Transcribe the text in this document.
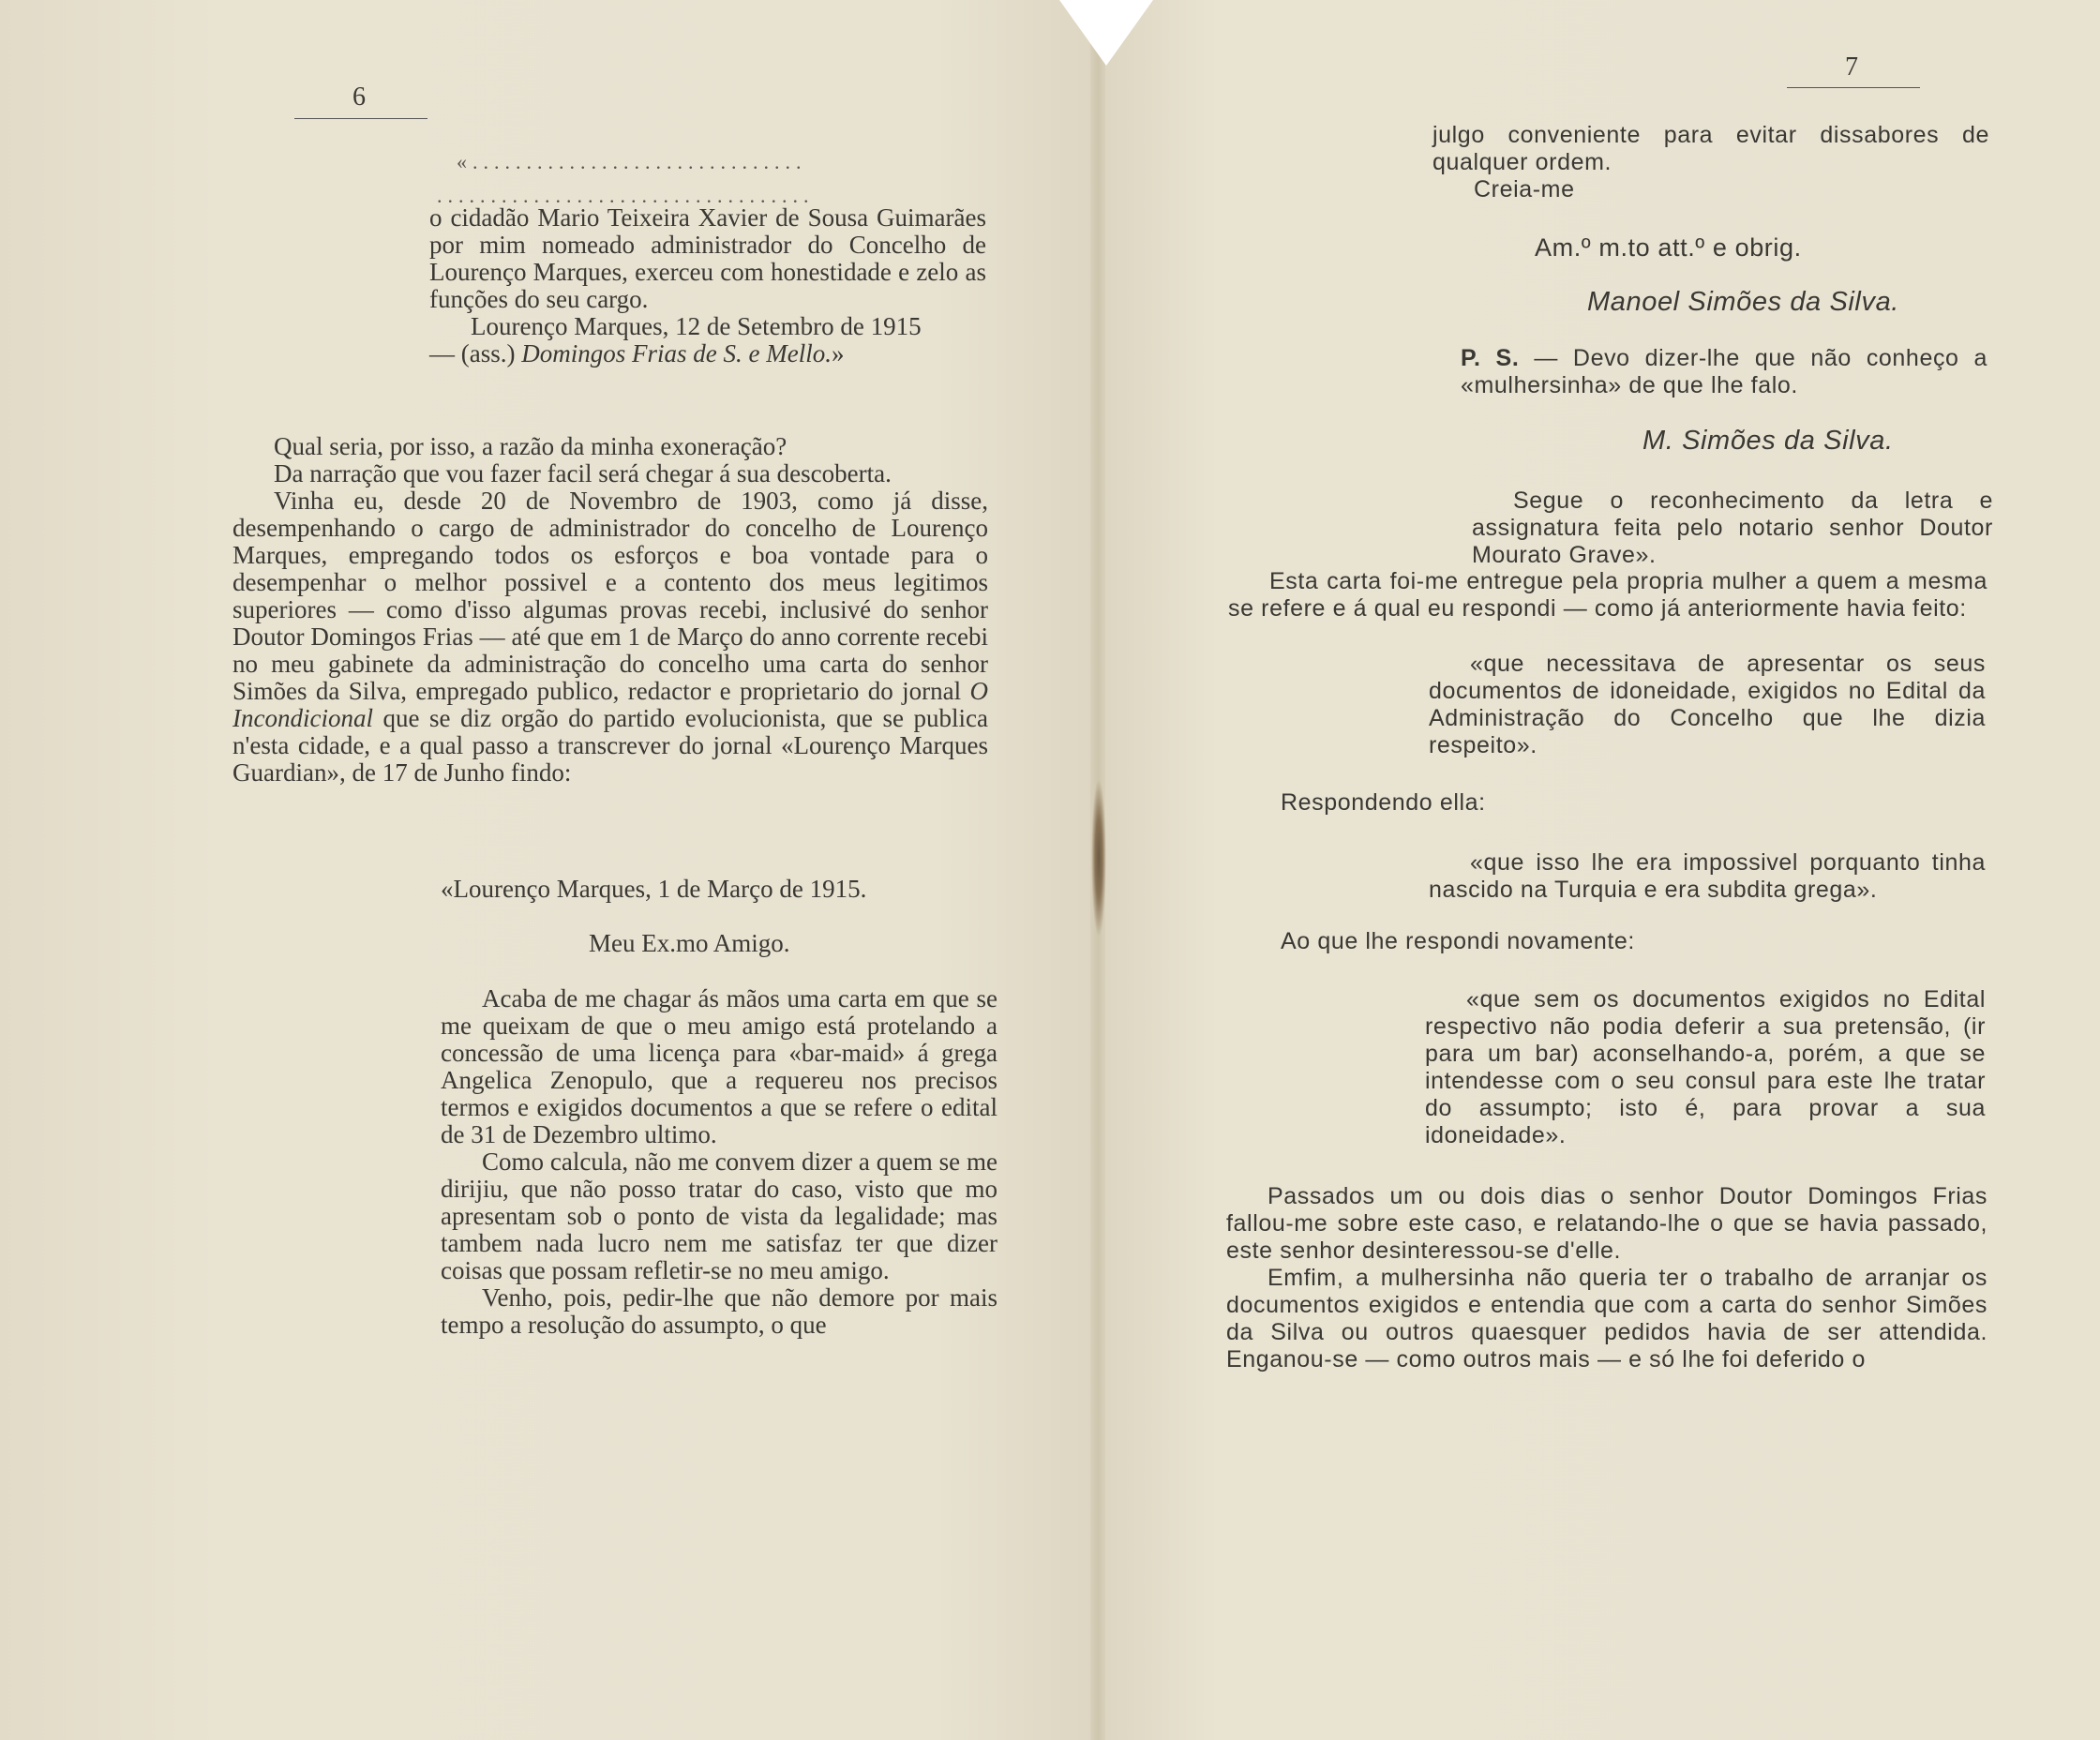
6
«...............................
...................................

o cidadão Mario Teixeira Xavier de Sousa Guimarães por mim nomeado administrador do Concelho de Lourenço Marques, exerceu com honestidade e zelo as funções do seu cargo.

Lourenço Marques, 12 de Setembro de 1915

— (ass.) Domingos Frias de S. e Mello.»

Qual seria, por isso, a razão da minha exoneração?

Da narração que vou fazer facil será chegar á sua descoberta.

Vinha eu, desde 20 de Novembro de 1903, como já disse, desempenhando o cargo de administrador do concelho de Lourenço Marques, empregando todos os esforços e boa vontade para o desempenhar o melhor possivel e a contento dos meus legitimos superiores — como d'isso algumas provas recebi, inclusivé do senhor Doutor Domingos Frias — até que em 1 de Março do anno corrente recebi no meu gabinete da administração do concelho uma carta do senhor Simões da Silva, empregado publico, redactor e proprietario do jornal O Incondicional que se diz orgão do partido evolucionista, que se publica n'esta cidade, e a qual passo a transcrever do jornal «Lourenço Marques Guardian», de 17 de Junho findo:

«Lourenço Marques, 1 de Março de 1915.
Meu Ex.mo Amigo.

Acaba de me chagar ás mãos uma carta em que se me queixam de que o meu amigo está protelando a concessão de uma licença para «bar-maid» á grega Angelica Zenopulo, que a requereu nos precisos termos e exigidos documentos a que se refere o edital de 31 de Dezembro ultimo.

Como calcula, não me convem dizer a quem se me dirijiu, que não posso tratar do caso, visto que mo apresentam sob o ponto de vista da legalidade; mas tambem nada lucro nem me satisfaz ter que dizer coisas que possam refletir-se no meu amigo.

Venho, pois, pedir-lhe que não demore por mais tempo a resolução do assumpto, o que

7

julgo conveniente para evitar dissabores de qualquer ordem.

Creia-me

Am.º m.to att.º e obrig.
Manoel Simões da Silva.

P. S. — Devo dizer-lhe que não conheço a «mulhersinha» de que lhe falo.

M. Simões da Silva.

Segue o reconhecimento da letra e assignatura feita pelo notario senhor Doutor Mourato Grave».

Esta carta foi-me entregue pela propria mulher a quem a mesma se refere e á qual eu respondi — como já anteriormente havia feito:

«que necessitava de apresentar os seus documentos de idoneidade, exigidos no Edital da Administração do Concelho que lhe dizia respeito».

Respondendo ella:

«que isso lhe era impossivel porquanto tinha nascido na Turquia e era subdita grega».

Ao que lhe respondi novamente:

«que sem os documentos exigidos no Edital respectivo não podia deferir a sua pretensão, (ir para um bar) aconselhando-a, porém, a que se intendesse com o seu consul para este lhe tratar do assumpto; isto é, para provar a sua idoneidade».

Passados um ou dois dias o senhor Doutor Domingos Frias fallou-me sobre este caso, e relatando-lhe o que se havia passado, este senhor desinteressou-se d'elle.

Emfim, a mulhersinha não queria ter o trabalho de arranjar os documentos exigidos e entendia que com a carta do senhor Simões da Silva ou outros quaesquer pedidos havia de ser attendida. Enganou-se — como outros mais — e só lhe foi deferido o
